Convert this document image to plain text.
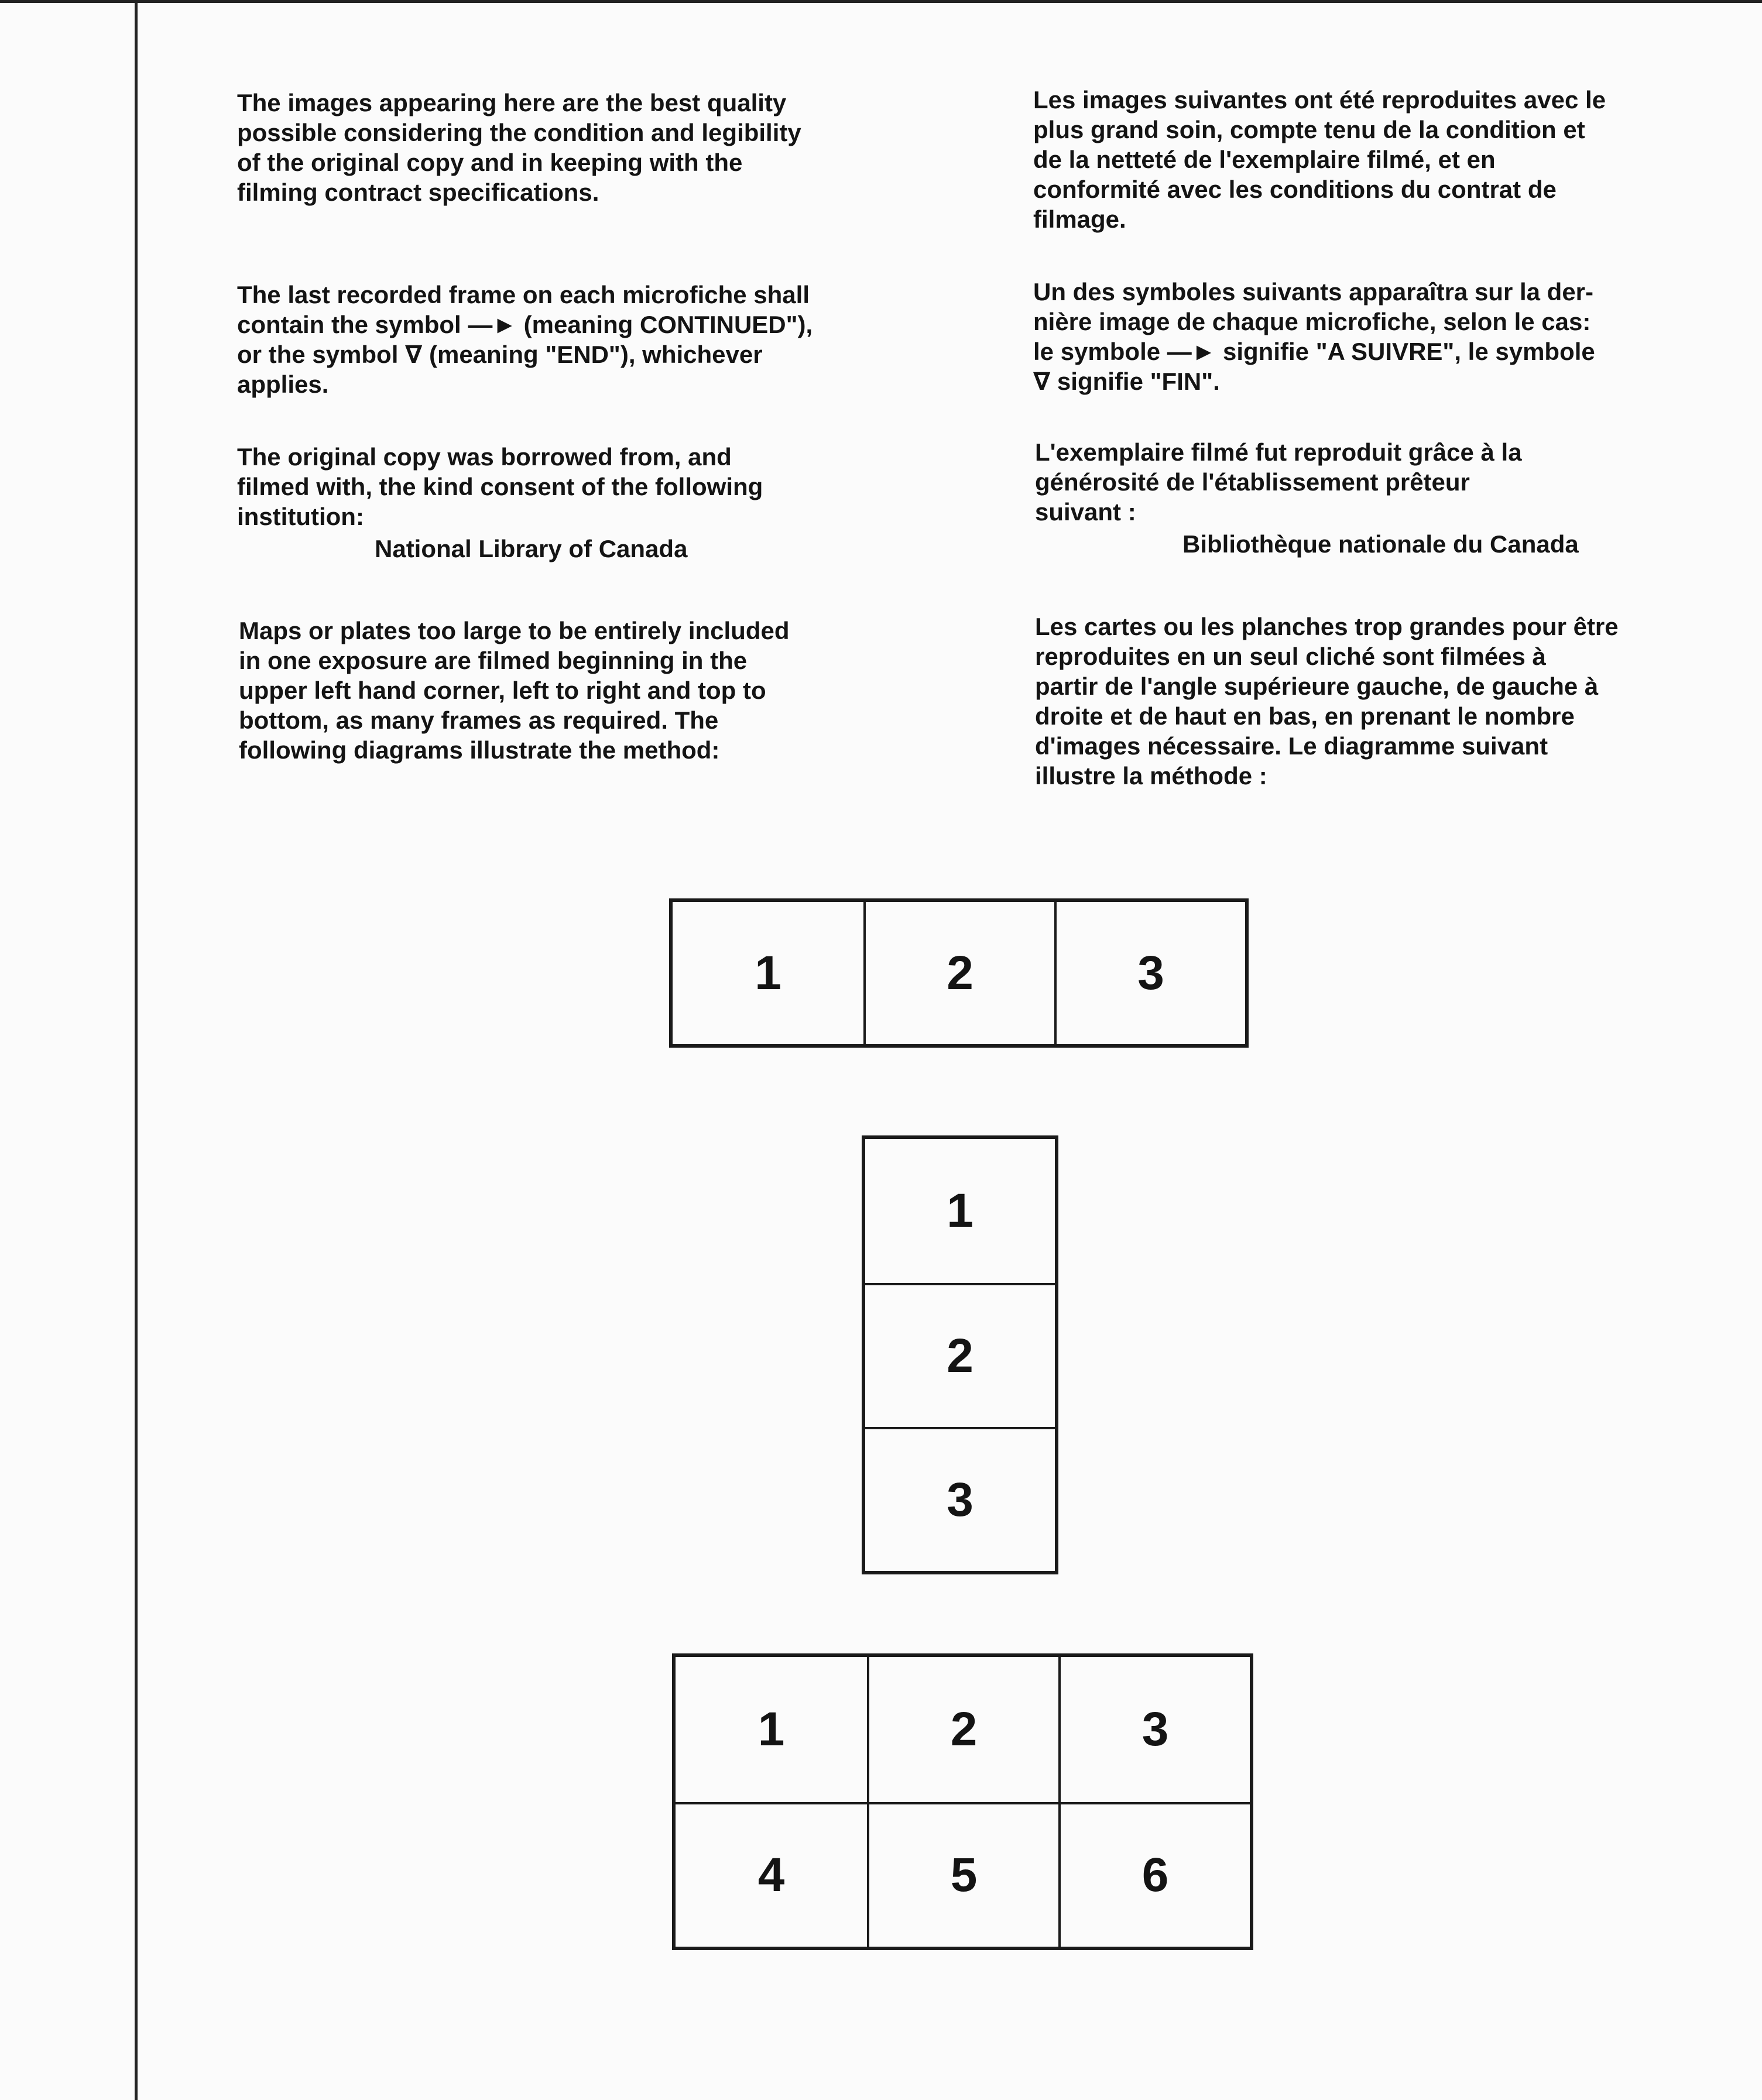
The images appearing here are the best quality
possible considering the condition and legibility
of the original copy and in keeping with the
filming contract specifications.

The last recorded frame on each microfiche shall
contain the symbol —► (meaning CONTINUED"),
or the symbol ∇ (meaning "END"), whichever
applies.

The original copy was borrowed from, and
filmed with, the kind consent of the following
institution:

National Library of Canada

Maps or plates too large to be entirely included
in one exposure are filmed beginning in the
upper left hand corner, left to right and top to
bottom, as many frames as required. The
following diagrams illustrate the method:

Les images suivantes ont été reproduites avec le
plus grand soin, compte tenu de la condition et
de la netteté de l'exemplaire filmé, et en
conformité avec les conditions du contrat de
filmage.

Un des symboles suivants apparaîtra sur la der-
nière image de chaque microfiche, selon le cas:
le symbole —► signifie "A SUIVRE", le symbole
∇ signifie "FIN".

L'exemplaire filmé fut reproduit grâce à la
générosité de l'établissement prêteur
suivant :

Bibliothèque nationale du Canada

Les cartes ou les planches trop grandes pour être
reproduites en un seul cliché sont filmées à
partir de l'angle supérieure gauche, de gauche à
droite et de haut en bas, en prenant le nombre
d'images nécessaire. Le diagramme suivant
illustre la méthode :

1	2	3
1
2
3
1	2	3
4	5	6
